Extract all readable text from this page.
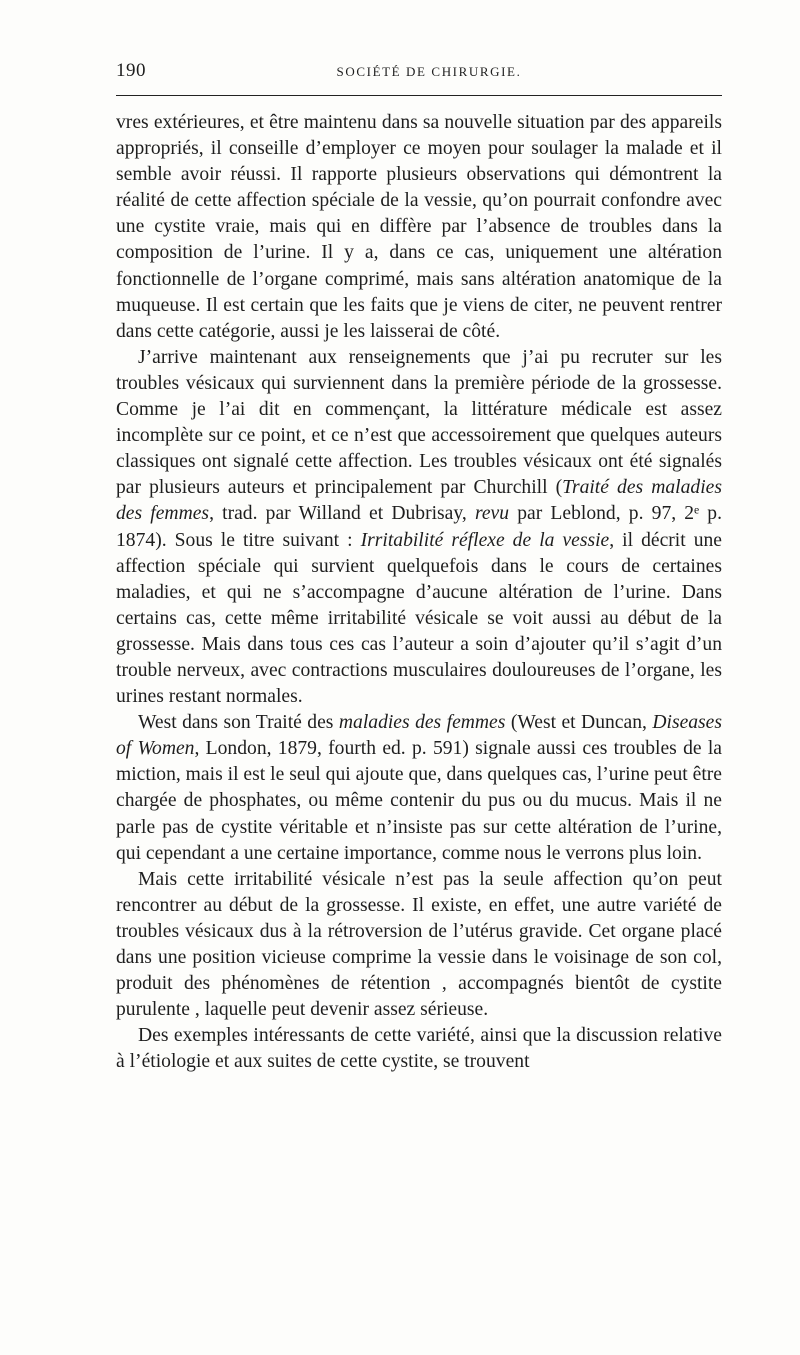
190	SOCIÉTÉ DE CHIRURGIE.

vres extérieures, et être maintenu dans sa nouvelle situation par des appareils appropriés, il conseille d’employer ce moyen pour soulager la malade et il semble avoir réussi. Il rapporte plusieurs observations qui démontrent la réalité de cette affection spéciale de la vessie, qu’on pourrait confondre avec une cystite vraie, mais qui en diffère par l’absence de troubles dans la composition de l’urine. Il y a, dans ce cas, uniquement une altération fonctionnelle de l’organe comprimé, mais sans altération anatomique de la muqueuse. Il est certain que les faits que je viens de citer, ne peuvent rentrer dans cette catégorie, aussi je les laisserai de côté.

J’arrive maintenant aux renseignements que j’ai pu recruter sur les troubles vésicaux qui surviennent dans la première période de la grossesse. Comme je l’ai dit en commençant, la littérature médicale est assez incomplète sur ce point, et ce n’est que accessoirement que quelques auteurs classiques ont signalé cette affection. Les troubles vésicaux ont été signalés par plusieurs auteurs et principalement par Churchill (Traité des maladies des femmes, trad. par Willand et Dubrisay, revu par Leblond, p. 97, 2ᵉ p. 1874). Sous le titre suivant : Irritabilité réflexe de la vessie, il décrit une affection spéciale qui survient quelquefois dans le cours de certaines maladies, et qui ne s’accompagne d’aucune altération de l’urine. Dans certains cas, cette même irritabilité vésicale se voit aussi au début de la grossesse. Mais dans tous ces cas l’auteur a soin d’ajouter qu’il s’agit d’un trouble nerveux, avec contractions musculaires douloureuses de l’organe, les urines restant normales.

West dans son Traité des maladies des femmes (West et Duncan, Diseases of Women, London, 1879, fourth ed. p. 591) signale aussi ces troubles de la miction, mais il est le seul qui ajoute que, dans quelques cas, l’urine peut être chargée de phosphates, ou même contenir du pus ou du mucus. Mais il ne parle pas de cystite véritable et n’insiste pas sur cette altération de l’urine, qui cependant a une certaine importance, comme nous le verrons plus loin.

Mais cette irritabilité vésicale n’est pas la seule affection qu’on peut rencontrer au début de la grossesse. Il existe, en effet, une autre variété de troubles vésicaux dus à la rétroversion de l’utérus gravide. Cet organe placé dans une position vicieuse comprime la vessie dans le voisinage de son col, produit des phénomènes de rétention , accompagnés bientôt de cystite purulente , laquelle peut devenir assez sérieuse.

Des exemples intéressants de cette variété, ainsi que la discussion relative à l’étiologie et aux suites de cette cystite, se trouvent
